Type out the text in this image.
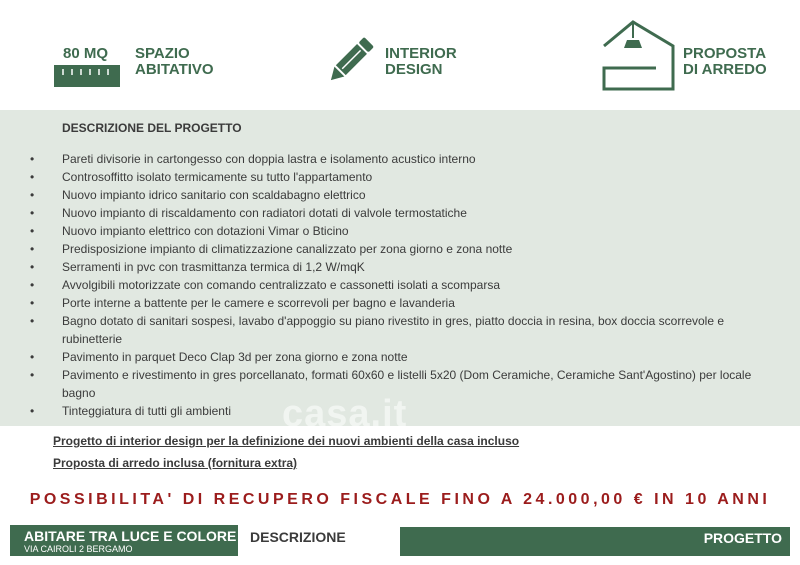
80 MQ SPAZIO
ABITATIVO
INTERIOR
DESIGN
PROPOSTA
DI ARREDO
DESCRIZIONE DEL PROGETTO
• Pareti divisorie in cartongesso con doppia lastra e isolamento acustico interno
• Controsoffitto isolato termicamente su tutto l'appartamento
• Nuovo impianto idrico sanitario con scaldabagno elettrico
• Nuovo impianto di riscaldamento con radiatori dotati di valvole termostatiche
• Nuovo impianto elettrico con dotazioni Vimar o Bticino
• Predisposizione impianto di climatizzazione canalizzato per zona giorno e zona notte
• Serramenti in pvc con trasmittanza termica di 1,2 W/mqK
• Avvolgibili motorizzate con comando centralizzato e cassonetti isolati a scomparsa
• Porte interne a battente per le camere e scorrevoli per bagno e lavanderia
• Bagno dotato di sanitari sospesi, lavabo d'appoggio su piano rivestito in gres, piatto doccia in resina, box doccia scorrevole e rubinetterie
• Pavimento in parquet Deco Clap 3d per zona giorno e zona notte
• Pavimento e rivestimento in gres porcellanato, formati 60x60 e listelli 5x20 (Dom Ceramiche, Ceramiche Sant'Agostino) per locale bagno
• Tinteggiatura di tutti gli ambienti	casa.it
Progetto di interior design per la definizione dei nuovi ambienti della casa incluso
Proposta di arredo inclusa (fornitura extra)
POSSIBILITA' DI RECUPERO FISCALE FINO A 24.000,00 € IN 10 ANNI
ABITARE TRA LUCE E COLORE
VIA CAIROLI 2 BERGAMO
DESCRIZIONE	PROGETTO
